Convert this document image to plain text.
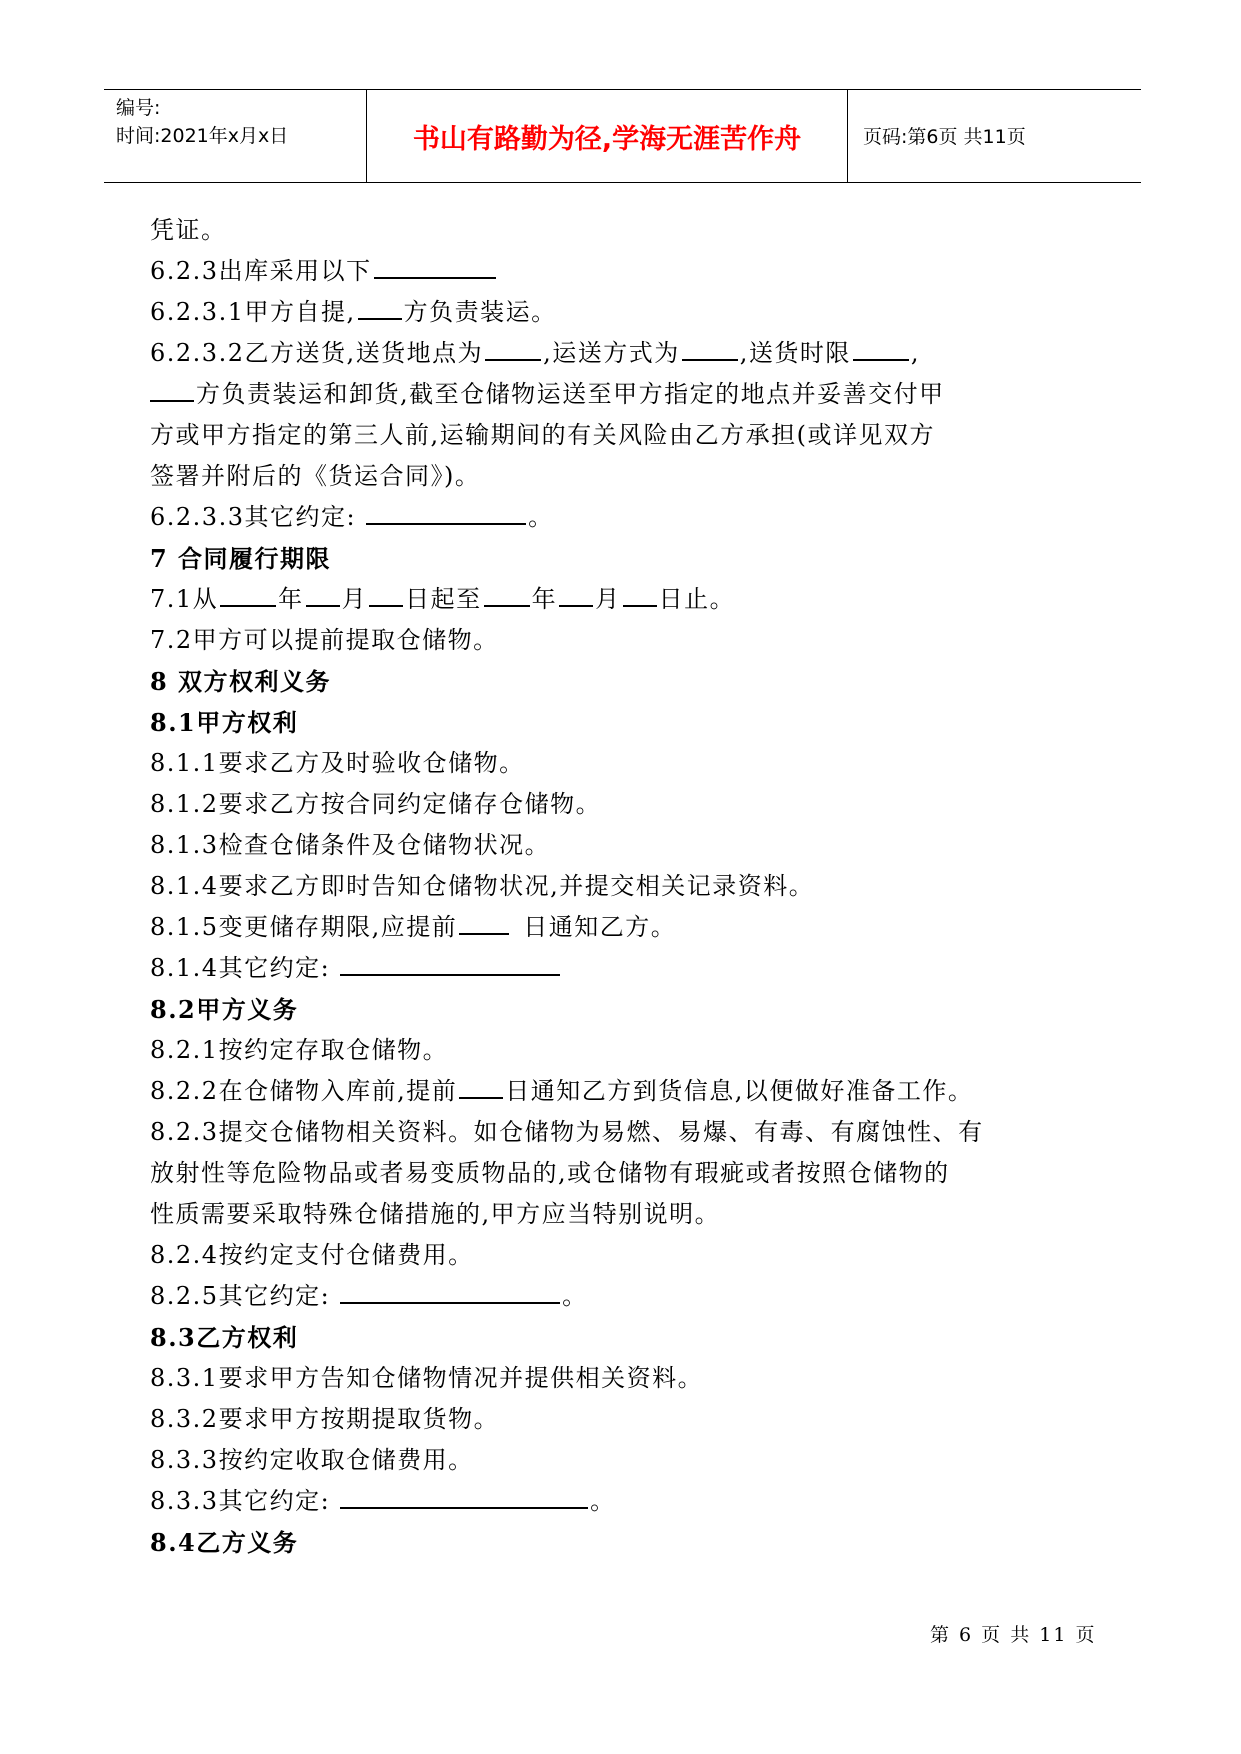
编号:
时间:2021年x月x日	书山有路勤为径,学海无涯苦作舟	页码:第6页 共11页
凭证。
6.2.3出库采用以下
6.2.3.1甲方自提, 方负责装运。
6.2.3.2乙方送货,送货地点为	,运送方式为	,送货时限	,
方负责装运和卸货,截至仓储物运送至甲方指定的地点并妥善交付甲
方或甲方指定的第三人前,运输期间的有关风险由乙方承担(或详见双方
签署并附后的《货运合同》)。
6.2.3.3其它约定:	。
7 合同履行期限
7.1从	年 月 日起至 年 月 日止。
7.2甲方可以提前提取仓储物。
8 双方权利义务
8.1甲方权利
8.1.1要求乙方及时验收仓储物。
8.1.2要求乙方按合同约定储存仓储物。
8.1.3检查仓储条件及仓储物状况。
8.1.4要求乙方即时告知仓储物状况,并提交相关记录资料。
8.1.5变更储存期限,应提前	日通知乙方。
8.1.4其它约定:
8.2甲方义务
8.2.1按约定存取仓储物。
8.2.2在仓储物入库前,提前 日通知乙方到货信息,以便做好准备工作。
8.2.3提交仓储物相关资料。如仓储物为易燃、易爆、有毒、有腐蚀性、有
放射性等危险物品或者易变质物品的,或仓储物有瑕疵或者按照仓储物的
性质需要采取特殊仓储措施的,甲方应当特别说明。
8.2.4按约定支付仓储费用。
8.2.5其它约定:	。
8.3乙方权利
8.3.1要求甲方告知仓储物情况并提供相关资料。
8.3.2要求甲方按期提取货物。
8.3.3按约定收取仓储费用。
8.3.3其它约定:	。
8.4乙方义务
第 6 页 共 11 页
